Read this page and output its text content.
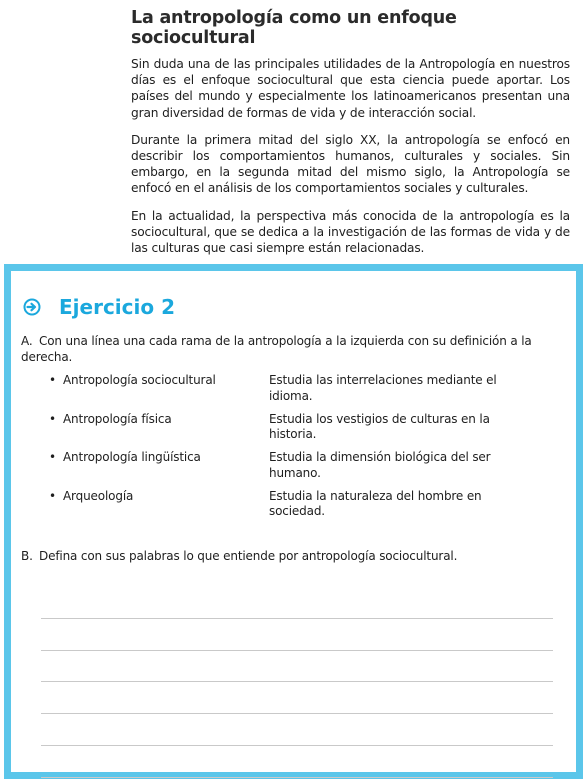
La antropología como un enfoque sociocultural

Sin duda una de las principales utilidades de la Antropología en nuestros días es el enfoque sociocultural que esta ciencia puede aportar. Los países del mundo y especialmente los latinoamericanos presentan una gran diversidad de formas de vida y de interacción social.

Durante la primera mitad del siglo XX, la antropología se enfocó en describir los comportamientos humanos, culturales y sociales. Sin embargo, en la segunda mitad del mismo siglo, la Antropología se enfocó en el análisis de los comportamientos sociales y culturales.

En la actualidad, la perspectiva más conocida de la antropología es la sociocultural, que se dedica a la investigación de las formas de vida y de las culturas que casi siempre están relacionadas.

Ejercicio 2
A. Con una línea una cada rama de la antropología a la izquierda con su definición a la derecha.
• Antropología sociocultural	Estudia las interrelaciones mediante el idioma.
• Antropología física	Estudia los vestigios de culturas en la historia.
• Antropología lingüística	Estudia la dimensión biológica del ser humano.
• Arqueología	Estudia la naturaleza del hombre en sociedad.
B. Defina con sus palabras lo que entiende por antropología sociocultural.
